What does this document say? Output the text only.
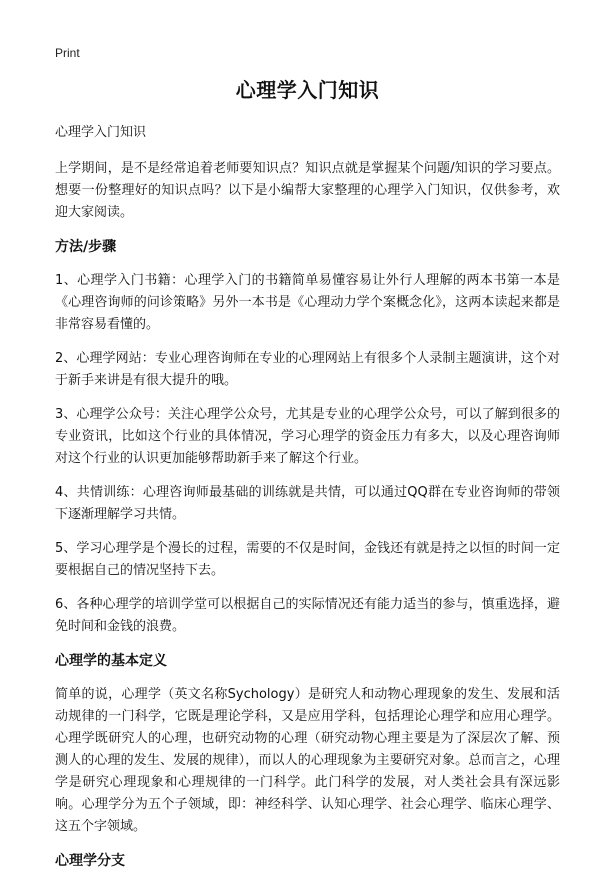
Print
心理学入门知识
心理学入门知识

上学期间，是不是经常追着老师要知识点？知识点就是掌握某个问题/知识的学习要点。想要一份整理好的知识点吗？以下是小编帮大家整理的心理学入门知识，仅供参考，欢迎大家阅读。

方法/步骤

1、心理学入门书籍：心理学入门的书籍简单易懂容易让外行人理解的两本书第一本是《心理咨询师的问诊策略》另外一本书是《心理动力学个案概念化》，这两本读起来都是非常容易看懂的。

2、心理学网站：专业心理咨询师在专业的心理网站上有很多个人录制主题演讲，这个对于新手来讲是有很大提升的哦。

3、心理学公众号：关注心理学公众号，尤其是专业的心理学公众号，可以了解到很多的专业资讯，比如这个行业的具体情况，学习心理学的资金压力有多大，以及心理咨询师对这个行业的认识更加能够帮助新手来了解这个行业。

4、共情训练：心理咨询师最基础的训练就是共情，可以通过QQ群在专业咨询师的带领下逐渐理解学习共情。

5、学习心理学是个漫长的过程，需要的不仅是时间，金钱还有就是持之以恒的时间一定要根据自己的情况坚持下去。

6、各种心理学的培训学堂可以根据自己的实际情况还有能力适当的参与，慎重选择，避免时间和金钱的浪费。

心理学的基本定义

简单的说，心理学（英文名称Sychology）是研究人和动物心理现象的发生、发展和活动规律的一门科学，它既是理论学科，又是应用学科，包括理论心理学和应用心理学。心理学既研究人的心理，也研究动物的心理（研究动物心理主要是为了深层次了解、预测人的心理的发生、发展的规律），而以人的心理现象为主要研究对象。总而言之，心理学是研究心理现象和心理规律的一门科学。此门科学的发展，对人类社会具有深远影响。心理学分为五个子领域，即：神经科学、认知心理学、社会心理学、临床心理学、这五个字领域。

心理学分支
